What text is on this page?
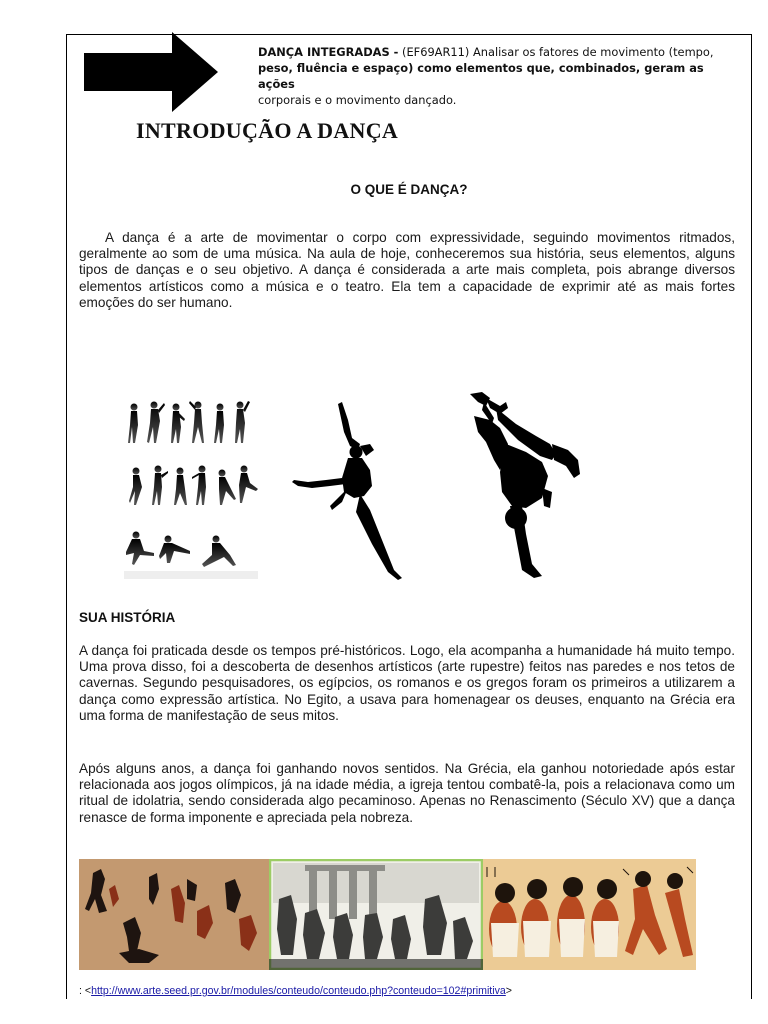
DANÇA INTEGRADAS - (EF69AR11) Analisar os fatores de movimento (tempo,
peso, fluência e espaço) como elementos que, combinados, geram as ações
corporais e o movimento dançado.
INTRODUÇÃO A DANÇA
O QUE É DANÇA?
A dança é a arte de movimentar o corpo com expressividade, seguindo movimentos ritmados, geralmente ao som de uma música. Na aula de hoje, conheceremos sua história, seus elementos, alguns tipos de danças e o seu objetivo. A dança é considerada a arte mais completa, pois abrange diversos elementos artísticos como a música e o teatro. Ela tem a capacidade de exprimir até as mais fortes emoções do ser humano.
SUA HISTÓRIA
A dança foi praticada desde os tempos pré-históricos. Logo, ela acompanha a humanidade há muito tempo. Uma prova disso, foi a descoberta de desenhos artísticos (arte rupestre) feitos nas paredes e nos tetos de cavernas. Segundo pesquisadores, os egípcios, os romanos e os gregos foram os primeiros a utilizarem a dança como expressão artística. No Egito, a usava para homenagear os deuses, enquanto na Grécia era uma forma de manifestação de seus mitos.
Após alguns anos, a dança foi ganhando novos sentidos. Na Grécia, ela ganhou notoriedade após estar relacionada aos jogos olímpicos, já na idade média, a igreja tentou combatê-la, pois a relacionava como um ritual de idolatria, sendo considerada algo pecaminoso. Apenas no Renascimento (Século XV) que a dança renasce de forma imponente e apreciada pela nobreza.
: <http://www.arte.seed.pr.gov.br/modules/conteudo/conteudo.php?conteudo=102#primitiva>
